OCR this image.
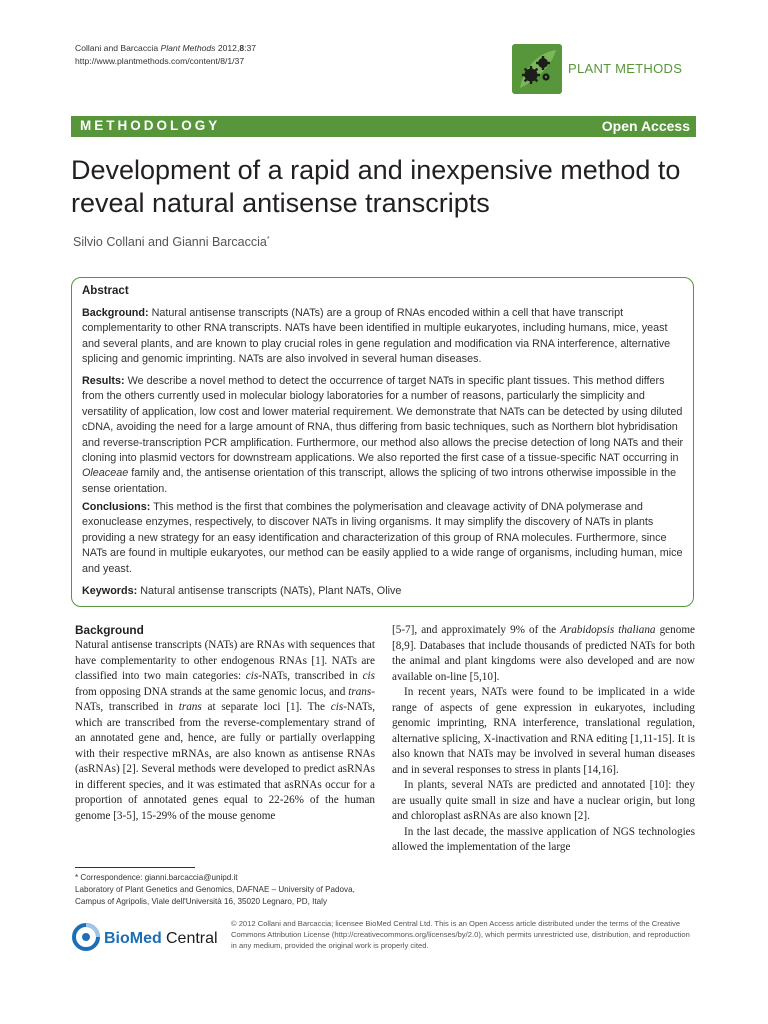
Collani and Barcaccia Plant Methods 2012,8:37
http://www.plantmethods.com/content/8/1/37	PLANT METHODS
METHODOLOGY	Open Access
Development of a rapid and inexpensive method to reveal natural antisense transcripts
Silvio Collani and Gianni Barcaccia*
Abstract
Background: Natural antisense transcripts (NATs) are a group of RNAs encoded within a cell that have transcript complementarity to other RNA transcripts. NATs have been identified in multiple eukaryotes, including humans, mice, yeast and several plants, and are known to play crucial roles in gene regulation and modification via RNA interference, alternative splicing and genomic imprinting. NATs are also involved in several human diseases.
Results: We describe a novel method to detect the occurrence of target NATs in specific plant tissues. This method differs from the others currently used in molecular biology laboratories for a number of reasons, particularly the simplicity and versatility of application, low cost and lower material requirement. We demonstrate that NATs can be detected by using diluted cDNA, avoiding the need for a large amount of RNA, thus differing from basic techniques, such as Northern blot hybridisation and reverse-transcription PCR amplification. Furthermore, our method also allows the precise detection of long NATs and their cloning into plasmid vectors for downstream applications. We also reported the first case of a tissue-specific NAT occurring in Oleaceae family and, the antisense orientation of this transcript, allows the splicing of two introns otherwise impossible in the sense orientation.
Conclusions: This method is the first that combines the polymerisation and cleavage activity of DNA polymerase and exonuclease enzymes, respectively, to discover NATs in living organisms. It may simplify the discovery of NATs in plants providing a new strategy for an easy identification and characterization of this group of RNA molecules. Furthermore, since NATs are found in multiple eukaryotes, our method can be easily applied to a wide range of organisms, including human, mice and yeast.
Keywords: Natural antisense transcripts (NATs), Plant NATs, Olive
Background

Natural antisense transcripts (NATs) are RNAs with sequences that have complementarity to other endogenous RNAs [1]. NATs are classified into two main categories: cis-NATs, transcribed in cis from opposing DNA strands at the same genomic locus, and trans-NATs, transcribed in trans at separate loci [1]. The cis-NATs, which are transcribed from the reverse-complementary strand of an annotated gene and, hence, are fully or partially overlapping with their respective mRNAs, are also known as antisense RNAs (asRNAs) [2]. Several methods were developed to predict asRNAs in different species, and it was estimated that asRNAs occur for a proportion of annotated genes equal to 22-26% of the human genome [3-5], 15-29% of the mouse genome

[5-7], and approximately 9% of the Arabidopsis thaliana genome [8,9]. Databases that include thousands of predicted NATs for both the animal and plant kingdoms were also developed and are now available on-line [5,10].

In recent years, NATs were found to be implicated in a wide range of aspects of gene expression in eukaryotes, including genomic imprinting, RNA interference, translational regulation, alternative splicing, X-inactivation and RNA editing [1,11-15]. It is also known that NATs may be involved in several human diseases and in several responses to stress in plants [14,16].

In plants, several NATs are predicted and annotated [10]: they are usually quite small in size and have a nuclear origin, but long and chloroplast asRNAs are also known [2].

In the last decade, the massive application of NGS technologies allowed the implementation of the large

* Correspondence: gianni.barcaccia@unipd.it
Laboratory of Plant Genetics and Genomics, DAFNAE – University of Padova, Campus of Agripolis, Viale dell'Università 16, 35020 Legnaro, PD, Italy
BioMed Central
© 2012 Collani and Barcaccia; licensee BioMed Central Ltd. This is an Open Access article distributed under the terms of the Creative Commons Attribution License (http://creativecommons.org/licenses/by/2.0), which permits unrestricted use, distribution, and reproduction in any medium, provided the original work is properly cited.
